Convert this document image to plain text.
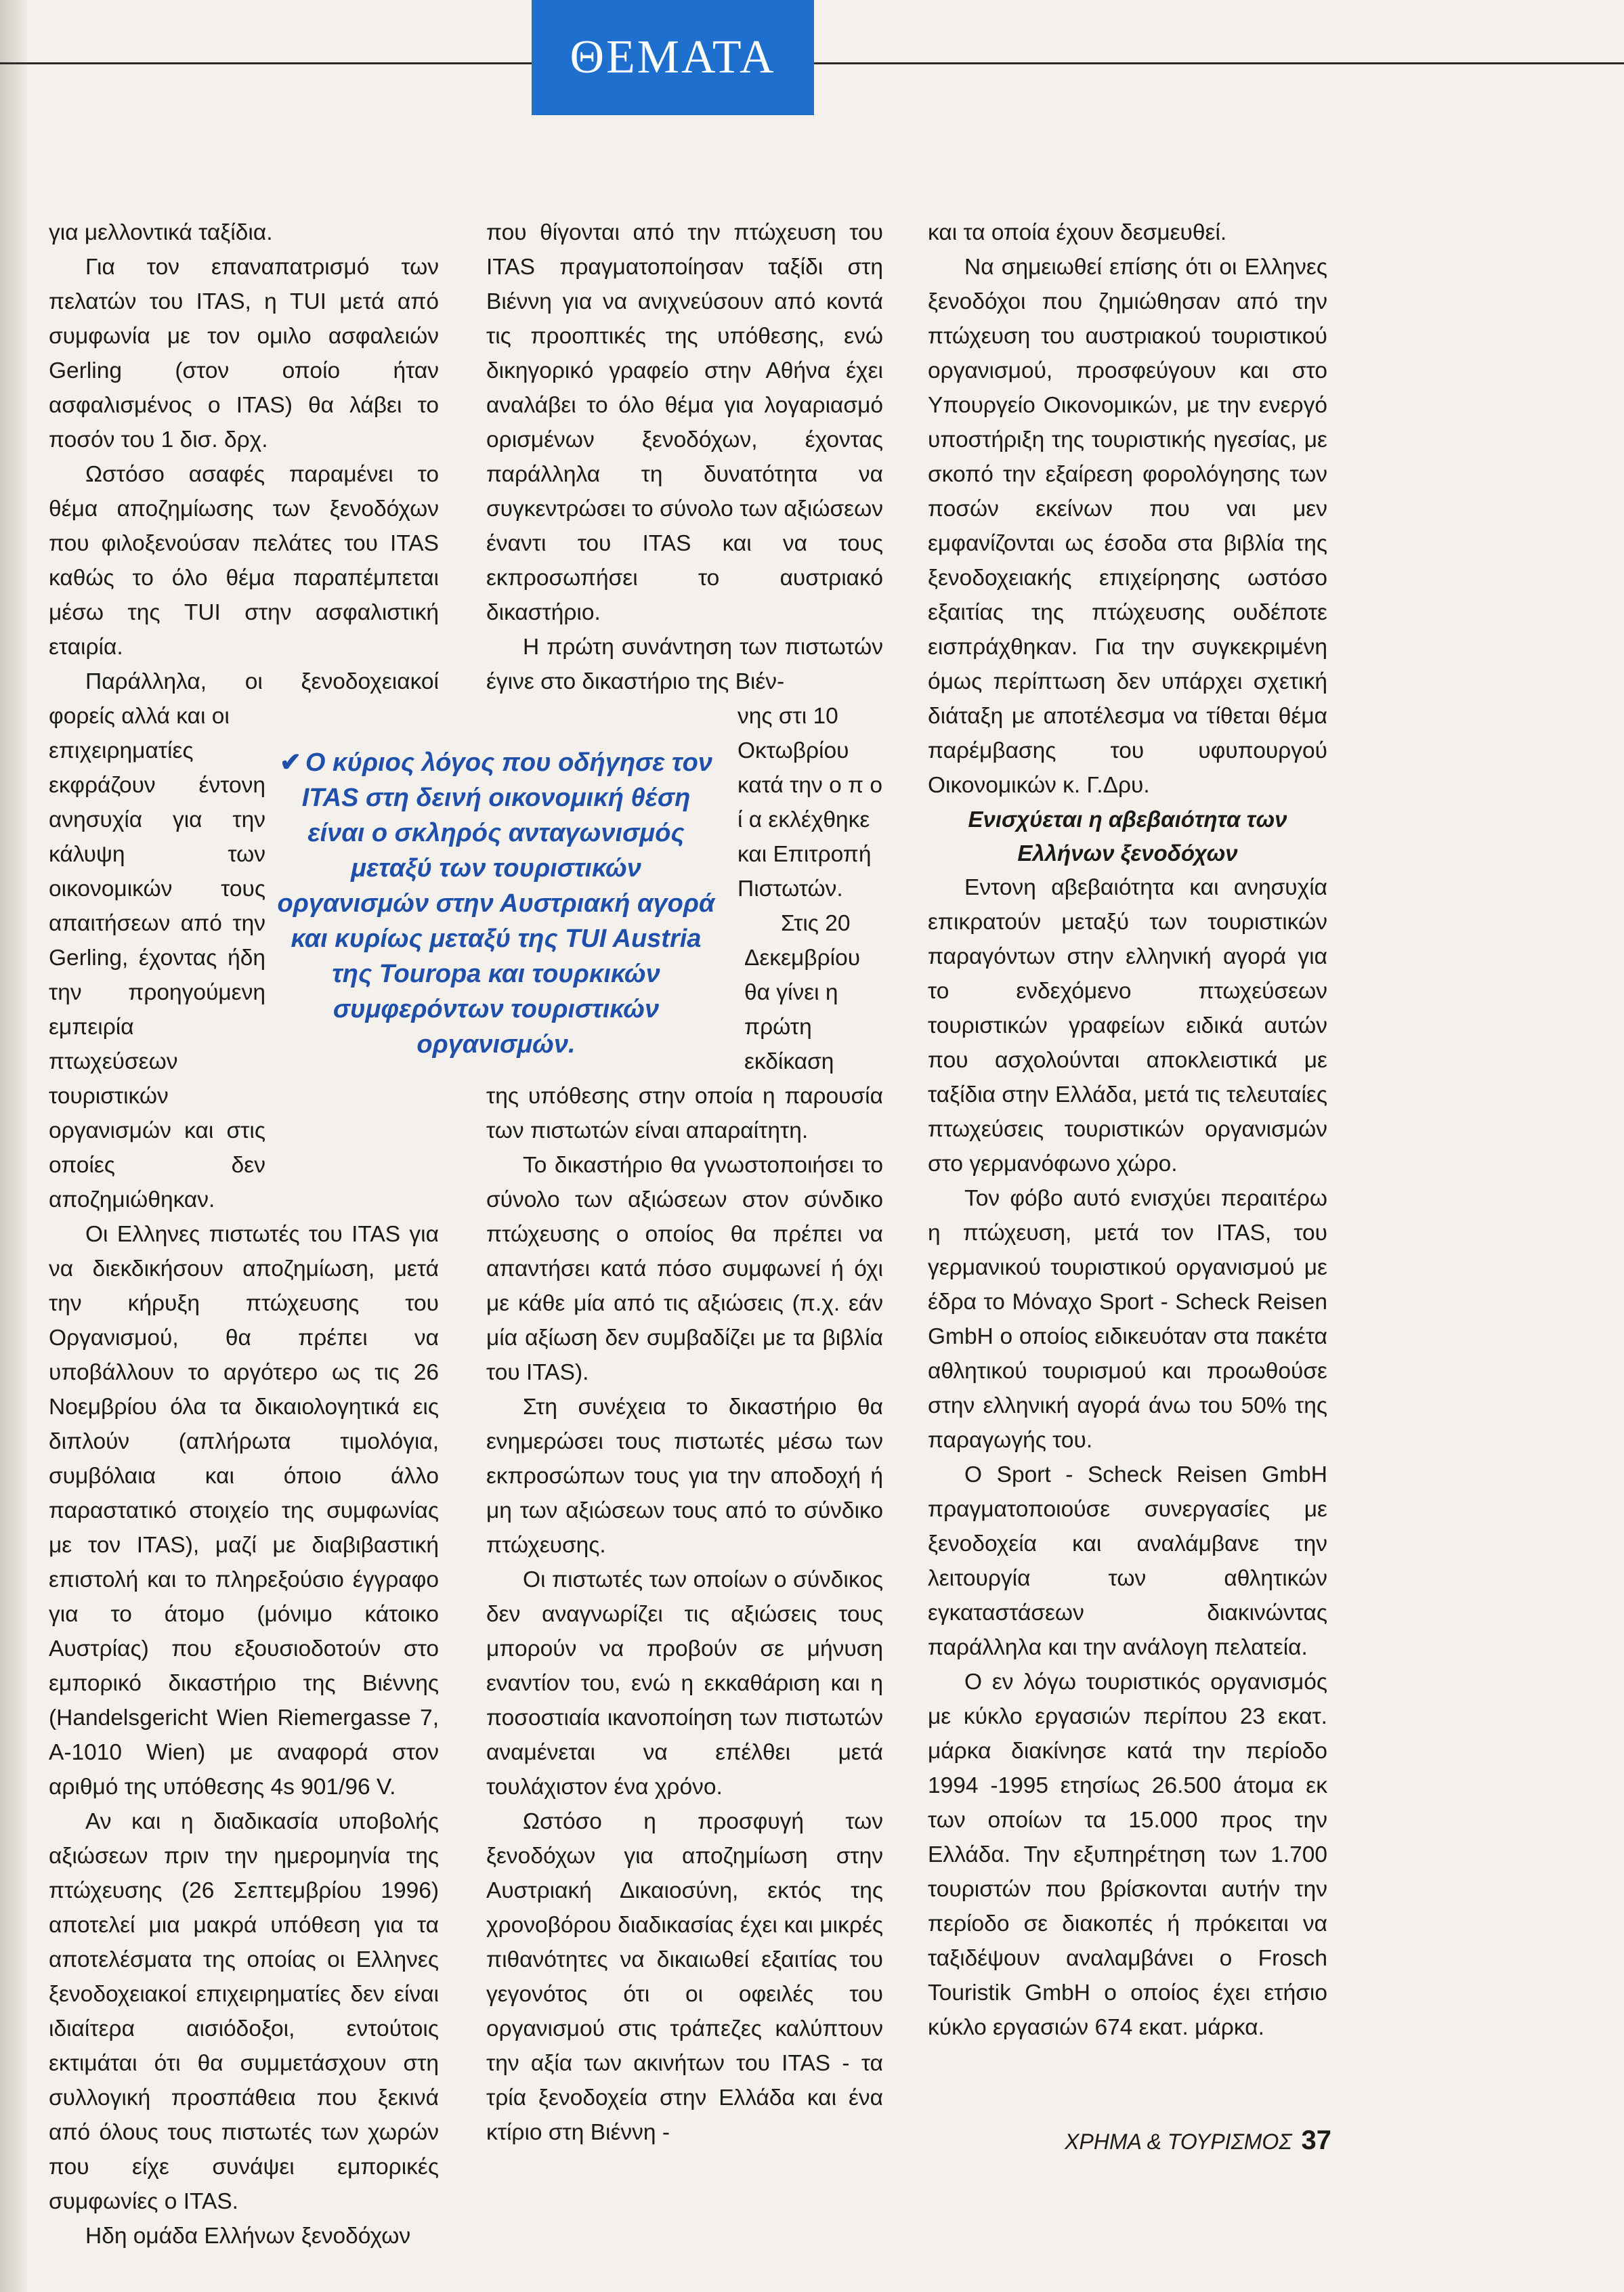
ΘΕΜΑΤΑ

για μελλοντικά ταξίδια.

Για τον επαναπατρισμό των πελατών του ITAS, η TUI μετά από συμφωνία με τον ομιλο ασφαλειών Gerling (στον οποίο ήταν ασφαλισμένος ο ITAS) θα λάβει το ποσόν του 1 δισ. δρχ.

Ωστόσο ασαφές παραμένει το θέμα αποζημίωσης των ξενοδόχων που φιλοξενούσαν πελάτες του ITAS καθώς το όλο θέμα παραπέμπεται μέσω της TUI στην ασφαλιστική εταιρία.

Παράλληλα, οι ξενοδοχειακοί φορείς αλλά και οι

επιχειρηματίες εκφράζουν έντονη ανησυχία για την κάλυψη των οικονομικών τους απαιτήσεων από την Gerling, έχοντας ήδη την προηγούμενη εμπειρία πτωχεύσεων τουριστικών οργανισμών και στις οποίες δεν αποζημιώθηκαν.

Οι Ελληνες πιστωτές του ITAS για να διεκδικήσουν αποζημίωση, μετά την κήρυξη πτώχευσης του Οργανισμού, θα πρέπει να υποβάλλουν το αργότερο ως τις 26 Νοεμβρίου όλα τα δικαιολογητικά εις διπλούν (απλήρωτα τιμολόγια, συμβόλαια και όποιο άλλο παραστατικό στοιχείο της συμφωνίας με τον ITAS), μαζί με διαβιβαστική επιστολή και το πληρεξούσιο έγγραφο για το άτομο (μόνιμο κάτοικο Αυστρίας) που εξουσιοδοτούν στο εμπορικό δικαστήριο της Βιέννης (Handelsgericht Wien Riemergasse 7, A-1010 Wien) με αναφορά στον αριθμό της υπόθεσης 4s 901/96 V.

Αν και η διαδικασία υποβολής αξιώσεων πριν την ημερομηνία της πτώχευσης (26 Σεπτεμβρίου 1996) αποτελεί μια μακρά υπόθεση για τα αποτελέσματα της οποίας οι Ελληνες ξενοδοχειακοί επιχειρηματίες δεν είναι ιδιαίτερα αισιόδοξοι, εντούτοις εκτιμάται ότι θα συμμετάσχουν στη συλλογική προσπάθεια που ξεκινά από όλους τους πιστωτές των χωρών που είχε συνάψει εμπορικές συμφωνίες ο ITAS.

Ηδη ομάδα Ελλήνων ξενοδόχων

που θίγονται από την πτώχευση του ITAS πραγματοποίησαν ταξίδι στη Βιέννη για να ανιχνεύσουν από κοντά τις προοπτικές της υπόθεσης, ενώ δικηγορικό γραφείο στην Αθήνα έχει αναλάβει το όλο θέμα για λογαριασμό ορισμένων ξενοδόχων, έχοντας παράλληλα τη δυνατότητα να συγκεντρώσει το σύνολο των αξιώσεων έναντι του ITAS και να τους εκπροσωπήσει το αυστριακό δικαστήριο.

Η πρώτη συνάντηση των πιστωτών έγινε στο δικαστήριο της Βιέν-

νης στι 10 Οκτωβρίου κατά την ο π ο ί α εκλέχθηκε και Επιτροπή Πιστωτών.

Στις 20 Δεκεμβρίου θα γίνει η πρώτη εκδίκαση

της υπόθεσης στην οποία η παρουσία των πιστωτών είναι απαραίτητη.

Το δικαστήριο θα γνωστοποιήσει το σύνολο των αξιώσεων στον σύνδικο πτώχευσης ο οποίος θα πρέπει να απαντήσει κατά πόσο συμφωνεί ή όχι με κάθε μία από τις αξιώσεις (π.χ. εάν μία αξίωση δεν συμβαδίζει με τα βιβλία του ITAS).

Στη συνέχεια το δικαστήριο θα ενημερώσει τους πιστωτές μέσω των εκπροσώπων τους για την αποδοχή ή μη των αξιώσεων τους από το σύνδικο πτώχευσης.

Οι πιστωτές των οποίων ο σύνδικος δεν αναγνωρίζει τις αξιώσεις τους μπορούν να προβούν σε μήνυση εναντίον του, ενώ η εκκαθάριση και η ποσοστιαία ικανοποίηση των πιστωτών αναμένεται να επέλθει μετά τουλάχιστον ένα χρόνο.

Ωστόσο η προσφυγή των ξενοδόχων για αποζημίωση στην Αυστριακή Δικαιοσύνη, εκτός της χρονοβόρου διαδικασίας έχει και μικρές πιθανότητες να δικαιωθεί εξαιτίας του γεγονότος ότι οι οφειλές του οργανισμού στις τράπεζες καλύπτουν την αξία των ακινήτων του ITAS - τα τρία ξενοδοχεία στην Ελλάδα και ένα κτίριο στη Βιέννη -

και τα οποία έχουν δεσμευθεί.

Να σημειωθεί επίσης ότι οι Ελληνες ξενοδόχοι που ζημιώθησαν από την πτώχευση του αυστριακού τουριστικού οργανισμού, προσφεύγουν και στο Υπουργείο Οικονομικών, με την ενεργό υποστήριξη της τουριστικής ηγεσίας, με σκοπό την εξαίρεση φορολόγησης των ποσών εκείνων που ναι μεν εμφανίζονται ως έσοδα στα βιβλία της ξενοδοχειακής επιχείρησης ωστόσο εξαιτίας της πτώχευσης ουδέποτε εισπράχθηκαν. Για την συγκεκριμένη όμως περίπτωση δεν υπάρχει σχετική διάταξη με αποτέλεσμα να τίθεται θέμα παρέμβασης του υφυπουργού Οικονομικών κ. Γ.Δρυ.

Ενισχύεται η αβεβαιότητα των Ελλήνων ξενοδόχων

Εντονη αβεβαιότητα και ανησυχία επικρατούν μεταξύ των τουριστικών παραγόντων στην ελληνική αγορά για το ενδεχόμενο πτωχεύσεων τουριστικών γραφείων ειδικά αυτών που ασχολούνται αποκλειστικά με ταξίδια στην Ελλάδα, μετά τις τελευταίες πτωχεύσεις τουριστικών οργανισμών στο γερμανόφωνο χώρο.

Τον φόβο αυτό ενισχύει περαιτέρω η πτώχευση, μετά τον ITAS, του γερμανικού τουριστικού οργανισμού με έδρα το Μόναχο Sport - Scheck Reisen GmbH ο οποίος ειδικευόταν στα πακέτα αθλητικού τουρισμού και προωθούσε στην ελληνική αγορά άνω του 50% της παραγωγής του.

Ο Sport - Scheck Reisen GmbH πραγματοποιούσε συνεργασίες με ξενοδοχεία και αναλάμβανε την λειτουργία των αθλητικών εγκαταστάσεων διακινώντας παράλληλα και την ανάλογη πελατεία.

Ο εν λόγω τουριστικός οργανισμός με κύκλο εργασιών περίπου 23 εκατ. μάρκα διακίνησε κατά την περίοδο 1994 -1995 ετησίως 26.500 άτομα εκ των οποίων τα 15.000 προς την Ελλάδα. Την εξυπηρέτηση των 1.700 τουριστών που βρίσκονται αυτήν την περίοδο σε διακοπές ή πρόκειται να ταξιδέψουν αναλαμβάνει ο Frosch Touristik GmbH ο οποίος έχει ετήσιο κύκλο εργασιών 674 εκατ. μάρκα.

✔ Ο κύριος λόγος που οδήγησε τον ITAS στη δεινή οικονομική θέση είναι ο σκληρός ανταγωνισμός μεταξύ των τουριστικών οργανισμών στην Αυστριακή αγορά και κυρίως μεταξύ της TUI Austria της Touropa και τουρκικών συμφερόντων τουριστικών οργανισμών.
ΧΡΗΜΑ & ΤΟΥΡΙΣΜΟΣ 37
